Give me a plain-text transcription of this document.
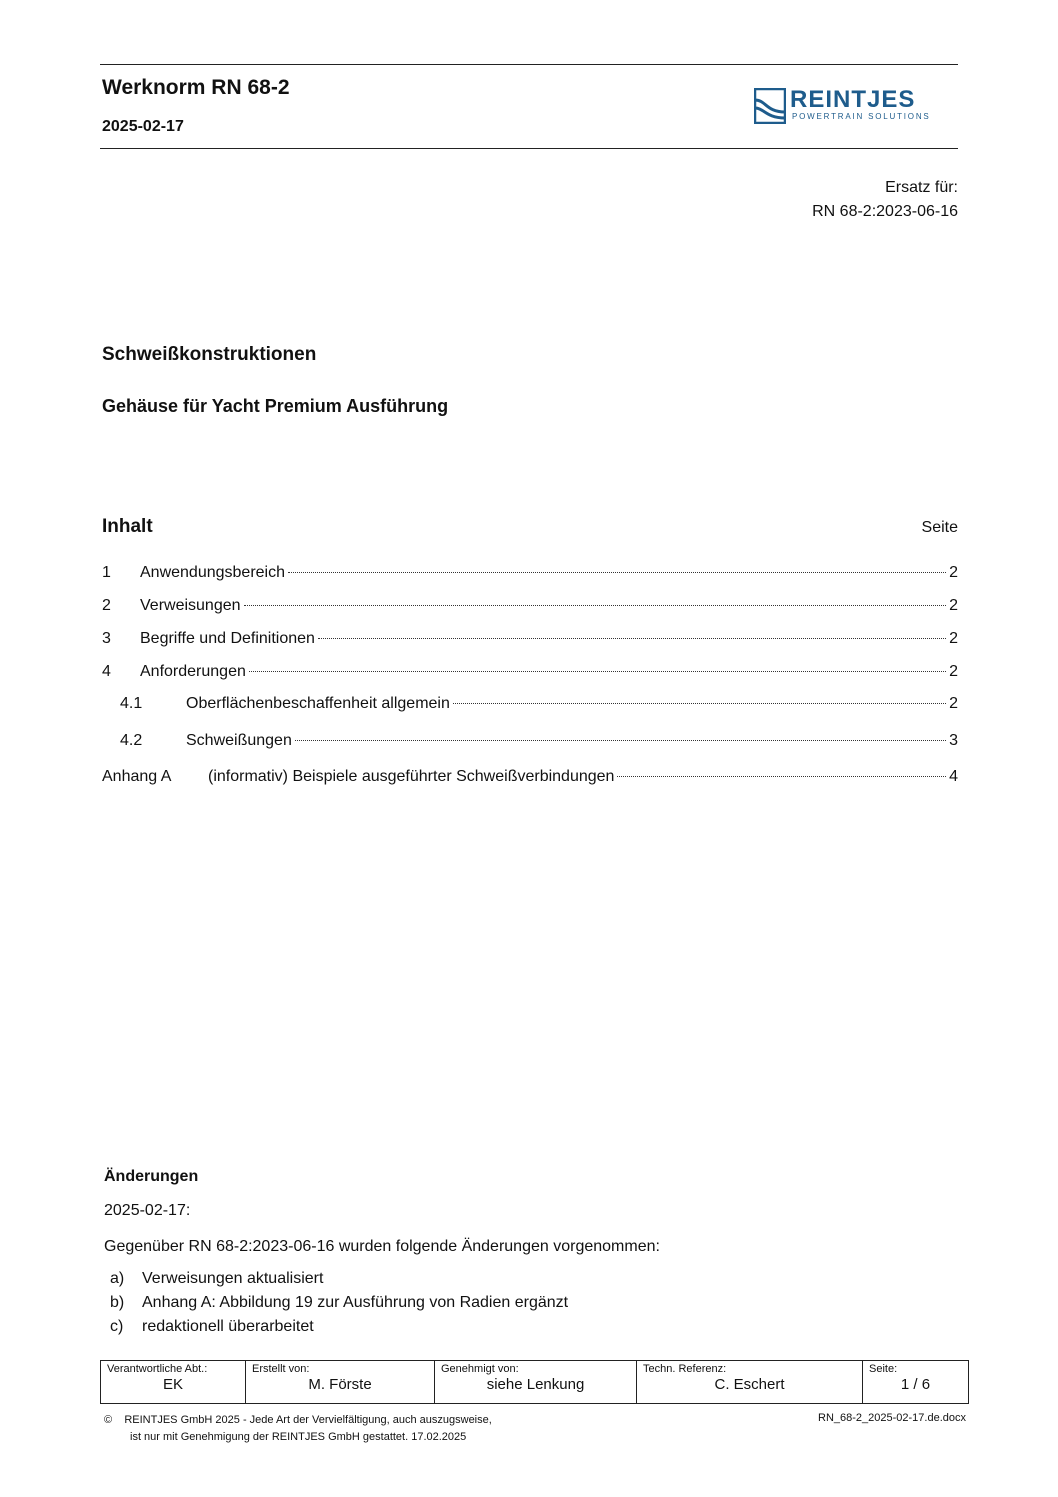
Werknorm RN 68-2
2025-02-17
REINTJES
POWERTRAIN SOLUTIONS
Ersatz für:
RN 68-2:2023-06-16
Schweißkonstruktionen
Gehäuse für Yacht Premium Ausführung
Inhalt	Seite
1	Anwendungsbereich	2
2	Verweisungen	2
3	Begriffe und Definitionen	2
4	Anforderungen	2
4.1	Oberflächenbeschaffenheit allgemein	2
4.2	Schweißungen	3
Anhang A	(informativ) Beispiele ausgeführter Schweißverbindungen	4
Änderungen
2025-02-17:
Gegenüber RN 68-2:2023-06-16 wurden folgende Änderungen vorgenommen:
a) Verweisungen aktualisiert
b) Anhang A: Abbildung 19 zur Ausführung von Radien ergänzt
c) redaktionell überarbeitet
Verantwortliche Abt.:
EK

Erstellt von:
M. Förste

Genehmigt von:
siehe Lenkung

Techn. Referenz:
C. Eschert

Seite:
1 / 6
© REINTJES GmbH 2025 - Jede Art der Vervielfältigung, auch auszugsweise,
ist nur mit Genehmigung der REINTJES GmbH gestattet. 17.02.2025
RN_68-2_2025-02-17.de.docx
